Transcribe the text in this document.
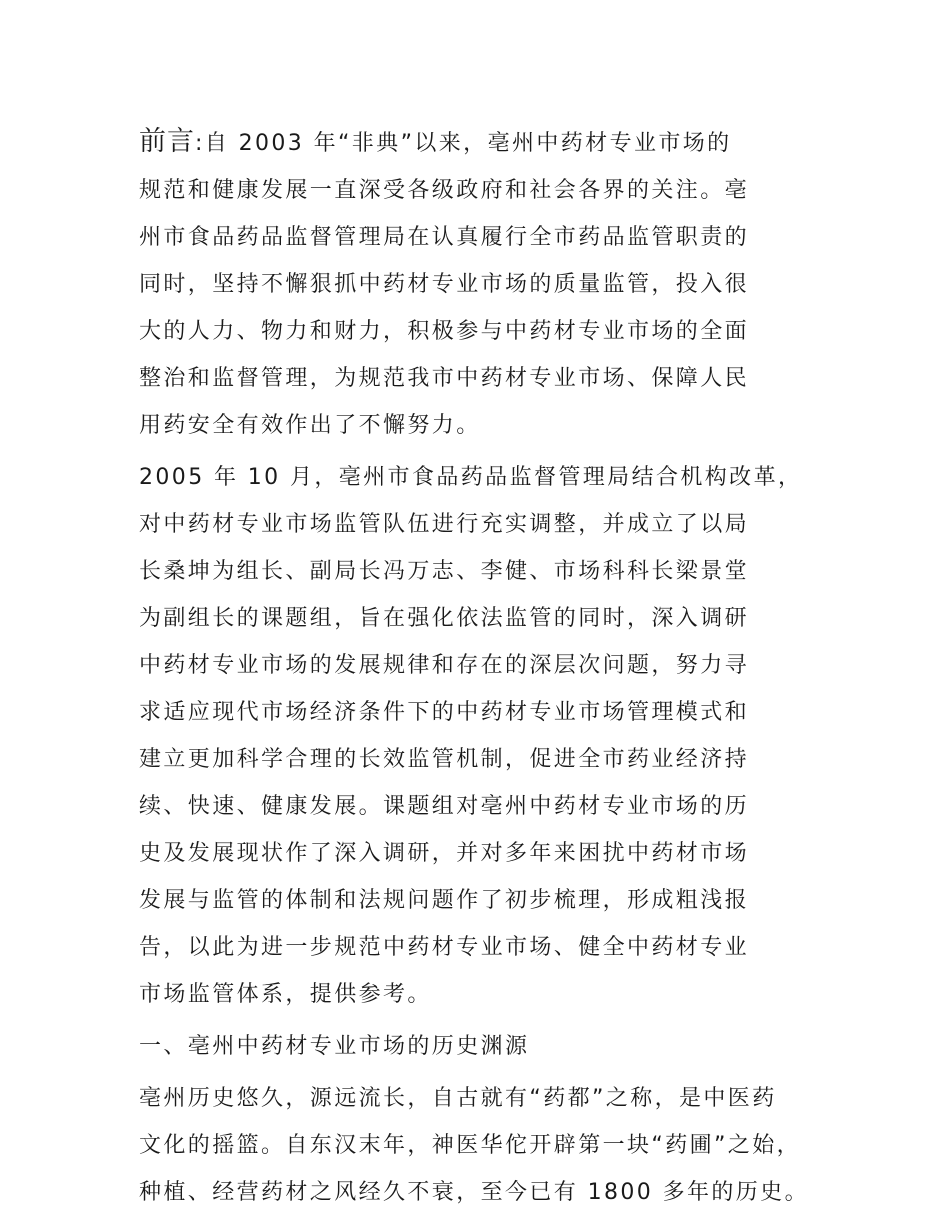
前言:自 2003 年“非典”以来，亳州中药材专业市场的
规范和健康发展一直深受各级政府和社会各界的关注。亳
州市食品药品监督管理局在认真履行全市药品监管职责的
同时，坚持不懈狠抓中药材专业市场的质量监管，投入很
大的人力、物力和财力，积极参与中药材专业市场的全面
整治和监督管理，为规范我市中药材专业市场、保障人民
用药安全有效作出了不懈努力。

2005 年 10 月，亳州市食品药品监督管理局结合机构改革，
对中药材专业市场监管队伍进行充实调整，并成立了以局
长桑坤为组长、副局长冯万志、李健、市场科科长梁景堂
为副组长的课题组，旨在强化依法监管的同时，深入调研
中药材专业市场的发展规律和存在的深层次问题，努力寻
求适应现代市场经济条件下的中药材专业市场管理模式和
建立更加科学合理的长效监管机制，促进全市药业经济持
续、快速、健康发展。课题组对亳州中药材专业市场的历
史及发展现状作了深入调研，并对多年来困扰中药材市场
发展与监管的体制和法规问题作了初步梳理，形成粗浅报
告，以此为进一步规范中药材专业市场、健全中药材专业
市场监管体系，提供参考。

一、亳州中药材专业市场的历史渊源

亳州历史悠久，源远流长，自古就有“药都”之称，是中医药
文化的摇篮。自东汉末年，神医华佗开辟第一块“药圃”之始，
种植、经营药材之风经久不衰，至今已有 1800 多年的历史。
